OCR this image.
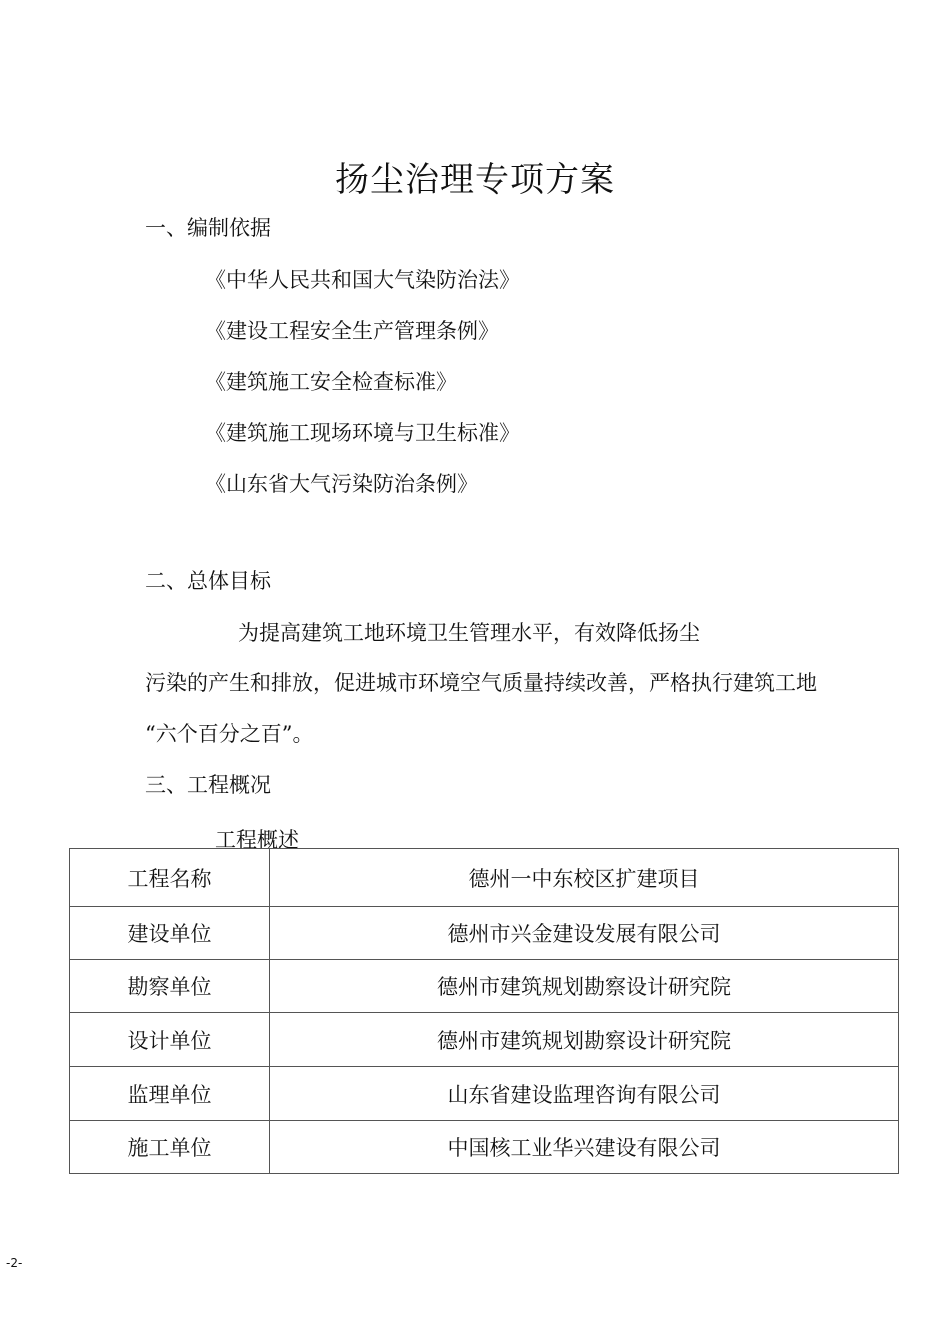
扬尘治理专项方案
一、编制依据
《中华人民共和国大气染防治法》
《建设工程安全生产管理条例》
《建筑施工安全检查标准》
《建筑施工现场环境与卫生标准》
《山东省大气污染防治条例》
二、总体目标
为提高建筑工地环境卫生管理水平，有效降低扬尘
污染的产生和排放，促进城市环境空气质量持续改善，严格执行建筑工地
“六个百分之百”。
三、工程概况
工程概述
工程名称	德州一中东校区扩建项目
建设单位	德州市兴金建设发展有限公司
勘察单位	德州市建筑规划勘察设计研究院
设计单位	德州市建筑规划勘察设计研究院
监理单位	山东省建设监理咨询有限公司
施工单位	中国核工业华兴建设有限公司
-2-
